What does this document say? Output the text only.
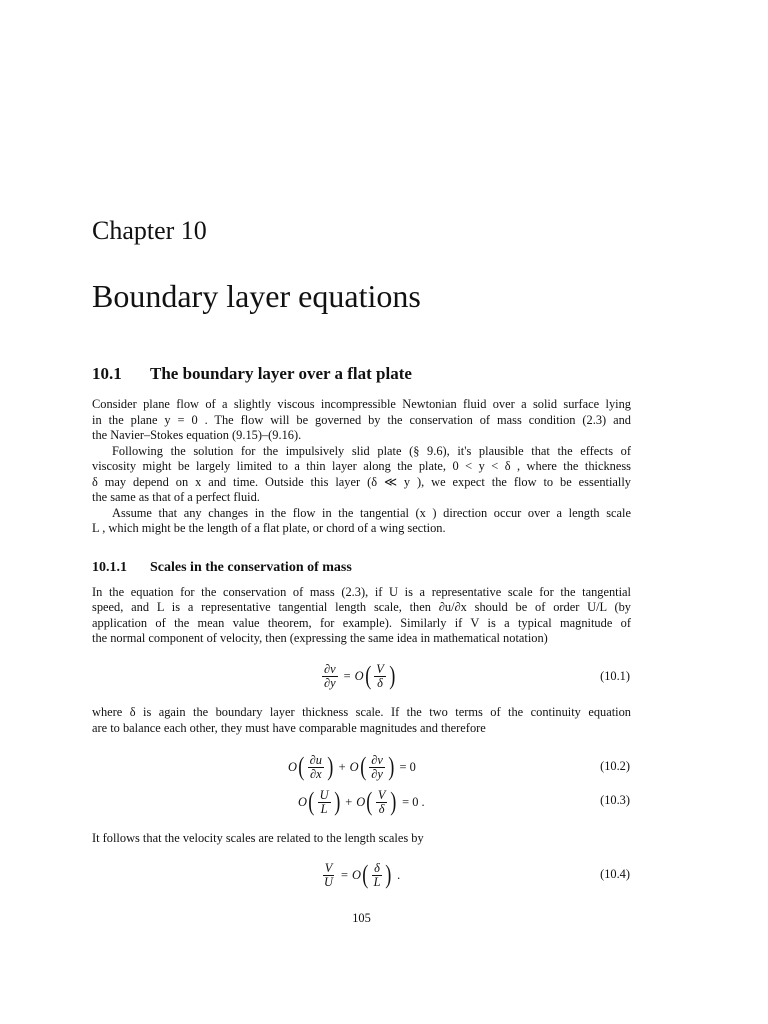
Chapter 10
Boundary layer equations
10.1 The boundary layer over a flat plate
Consider plane flow of a slightly viscous incompressible Newtonian fluid over a solid surface lying
in the plane y = 0 . The flow will be governed by the conservation of mass condition (2.3) and
the Navier–Stokes equation (9.15)–(9.16).
Following the solution for the impulsively slid plate (§ 9.6), it's plausible that the effects of
viscosity might be largely limited to a thin layer along the plate, 0 < y < δ , where the thickness
δ may depend on x and time. Outside this layer (δ ≪ y ), we expect the flow to be essentially
the same as that of a perfect fluid.
Assume that any changes in the flow in the tangential (x ) direction occur over a length scale
L , which might be the length of a flat plate, or chord of a wing section.
10.1.1 Scales in the conservation of mass
In the equation for the conservation of mass (2.3), if U is a representative scale for the tangential
speed, and L is a representative tangential length scale, then ∂u/∂x should be of order U/L (by
application of the mean value theorem, for example). Similarly if V is a typical magnitude of
the normal component of velocity, then (expressing the same idea in mathematical notation)
$\frac{\partial v}{\partial y} = O$ ( $\frac{V}{\delta}$ )	(10.1)
where δ is again the boundary layer thickness scale. If the two terms of the continuity equation
are to balance each other, they must have comparable magnitudes and therefore
O ( $\frac{\partial u}{\partial x}$ ) + O ( $\frac{\partial v}{\partial y}$ ) = 0	(10.2)
O ( $\frac{U}{L}$ ) + O ( $\frac{V}{\delta}$ ) = 0 .	(10.3)
It follows that the velocity scales are related to the length scales by
$\frac{V}{U} = O$ ( $\frac{\delta}{L}$ ) .	(10.4)
105
